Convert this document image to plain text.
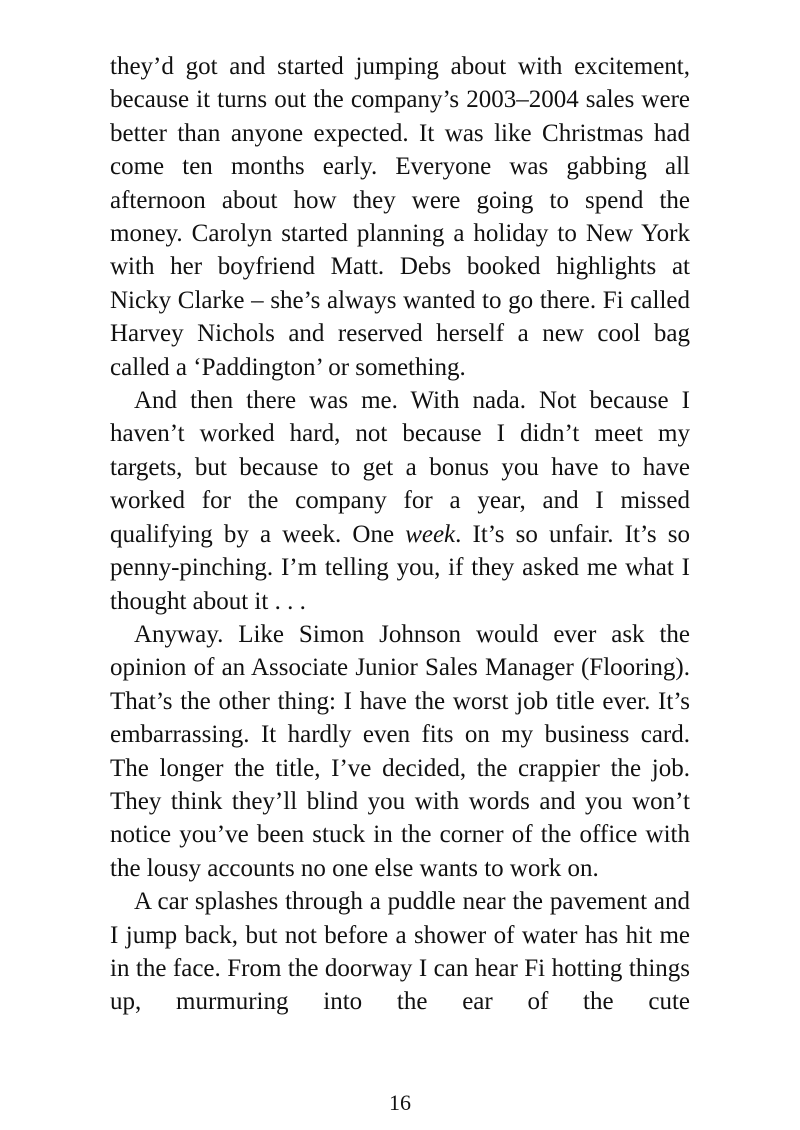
they’d got and started jumping about with excitement, because it turns out the company’s 2003–2004 sales were better than anyone expected. It was like Christmas had come ten months early. Everyone was gabbing all afternoon about how they were going to spend the money. Carolyn started planning a holiday to New York with her boyfriend Matt. Debs booked highlights at Nicky Clarke – she’s always wanted to go there. Fi called Harvey Nichols and reserved herself a new cool bag called a ‘Paddington’ or something.

And then there was me. With nada. Not because I haven’t worked hard, not because I didn’t meet my targets, but because to get a bonus you have to have worked for the company for a year, and I missed qualifying by a week. One week. It’s so unfair. It’s so penny-pinching. I’m telling you, if they asked me what I thought about it . . .

Anyway. Like Simon Johnson would ever ask the opinion of an Associate Junior Sales Manager (Flooring). That’s the other thing: I have the worst job title ever. It’s embarrassing. It hardly even fits on my business card. The longer the title, I’ve decided, the crappier the job. They think they’ll blind you with words and you won’t notice you’ve been stuck in the corner of the office with the lousy accounts no one else wants to work on.

A car splashes through a puddle near the pavement and I jump back, but not before a shower of water has hit me in the face. From the doorway I can hear Fi hotting things up, murmuring into the ear of the cute

16
